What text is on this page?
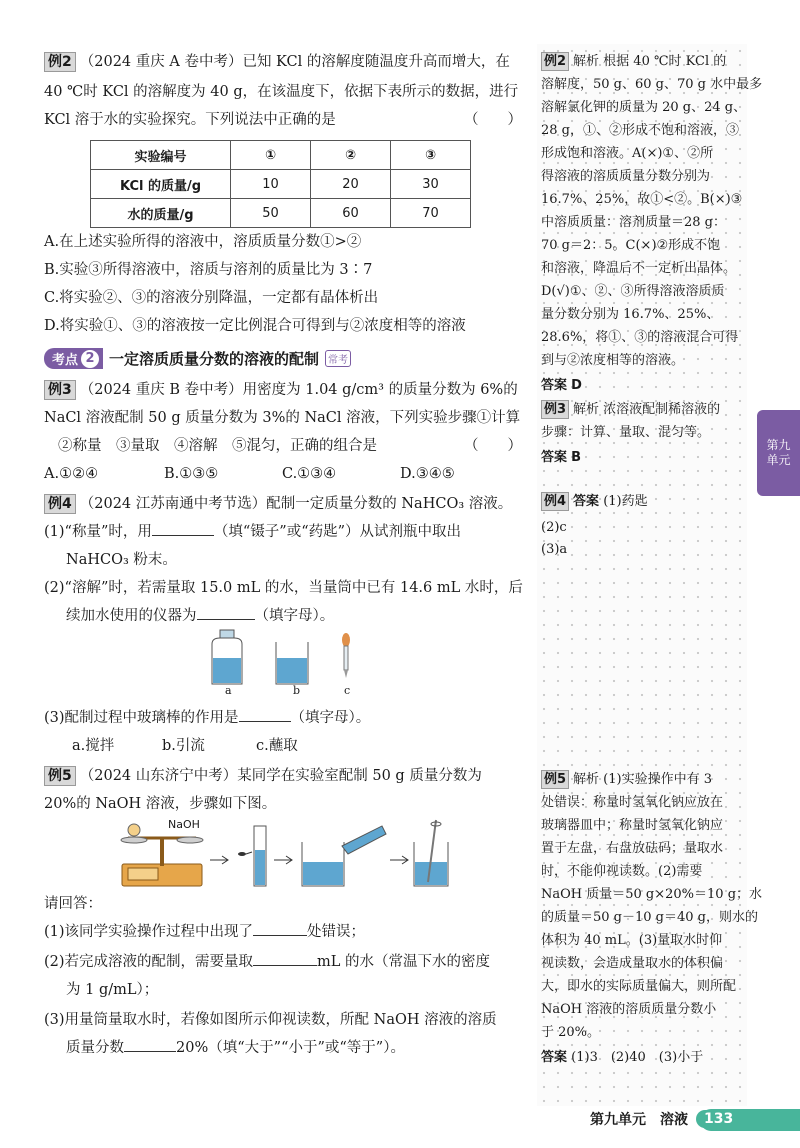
例2 （2024 重庆 A 卷中考）已知 KCl 的溶解度随温度升高而增大，在
40 ℃时 KCl 的溶解度为 40 g，在该温度下，依据下表所示的数据，进行
KCl 溶于水的实验探究。下列说法中正确的是	（　　）
实验编号	①	②	③
KCl 的质量/g	10	20	30
水的质量/g	50	60	70
A.在上述实验所得的溶液中，溶质质量分数①>②
B.实验③所得溶液中，溶质与溶剂的质量比为 3∶7
C.将实验②、③的溶液分别降温，一定都有晶体析出
D.将实验①、③的溶液按一定比例混合可得到与②浓度相等的溶液
考点 2 一定溶质质量分数的溶液的配制 常考
例3 （2024 重庆 B 卷中考）用密度为 1.04 g/cm³ 的质量分数为 6%的
NaCl 溶液配制 50 g 质量分数为 3%的 NaCl 溶液，下列实验步骤①计算
②称量　③量取　④溶解　⑤混匀，正确的组合是	（　　）
A.①②④	B.①③⑤	C.①③④	D.③④⑤
例4 （2024 江苏南通中考节选）配制一定质量分数的 NaHCO₃ 溶液。
(1)“称量”时，用	（填“镊子”或“药匙”）从试剂瓶中取出
NaHCO₃ 粉末。
(2)“溶解”时，若需量取 15.0 mL 的水，当量筒中已有 14.6 mL 水时，后
续加水使用的仪器为	（填字母）。
a	b	c
(3)配制过程中玻璃棒的作用是	（填字母）。
a.搅拌	b.引流	c.蘸取
例5 （2024 山东济宁中考）某同学在实验室配制 50 g 质量分数为
20%的 NaOH 溶液，步骤如下图。
NaOH
请回答：
(1)该同学实验操作过程中出现了	处错误；
(2)若完成溶液的配制，需要量取	mL 的水（常温下水的密度
为 1 g/mL）；
(3)用量筒量取水时，若像如图所示仰视读数，所配 NaOH 溶液的溶质
质量分数	20%（填“大于”“小于”或“等于”）。
例2 解析 根据 40 ℃时 KCl 的
溶解度，50 g、60 g、70 g 水中最多
溶解氯化钾的质量为 20 g、24 g、
28 g，①、②形成不饱和溶液，③
形成饱和溶液。A(×)①、②所
得溶液的溶质质量分数分别为
16.7%、25%，故①<②。B(×)③
中溶质质量：溶剂质量＝28 g：
70 g＝2：5。C(×)②形成不饱
和溶液，降温后不一定析出晶体。
D(√)①、②、③所得溶液溶质质
量分数分别为 16.7%、25%、
28.6%，将①、③的溶液混合可得
到与②浓度相等的溶液。
答案 D
例3 解析 浓溶液配制稀溶液的
步骤：计算、量取、混匀等。
答案 B
例4 答案 (1)药匙
(2)c
(3)a
例5 解析 (1)实验操作中有 3
处错误：称量时氢氧化钠应放在
玻璃器皿中；称量时氢氧化钠应
置于左盘，右盘放砝码；量取水
时，不能仰视读数。(2)需要
NaOH 质量＝50 g×20%＝10 g；水
的质量＝50 g－10 g＝40 g，则水的
体积为 40 mL。(3)量取水时仰
视读数，会造成量取水的体积偏
大，即水的实际质量偏大，则所配
NaOH 溶液的溶质质量分数小
于 20%。
答案 (1)3　(2)40　(3)小于
第九单元
第九单元　溶液	133
